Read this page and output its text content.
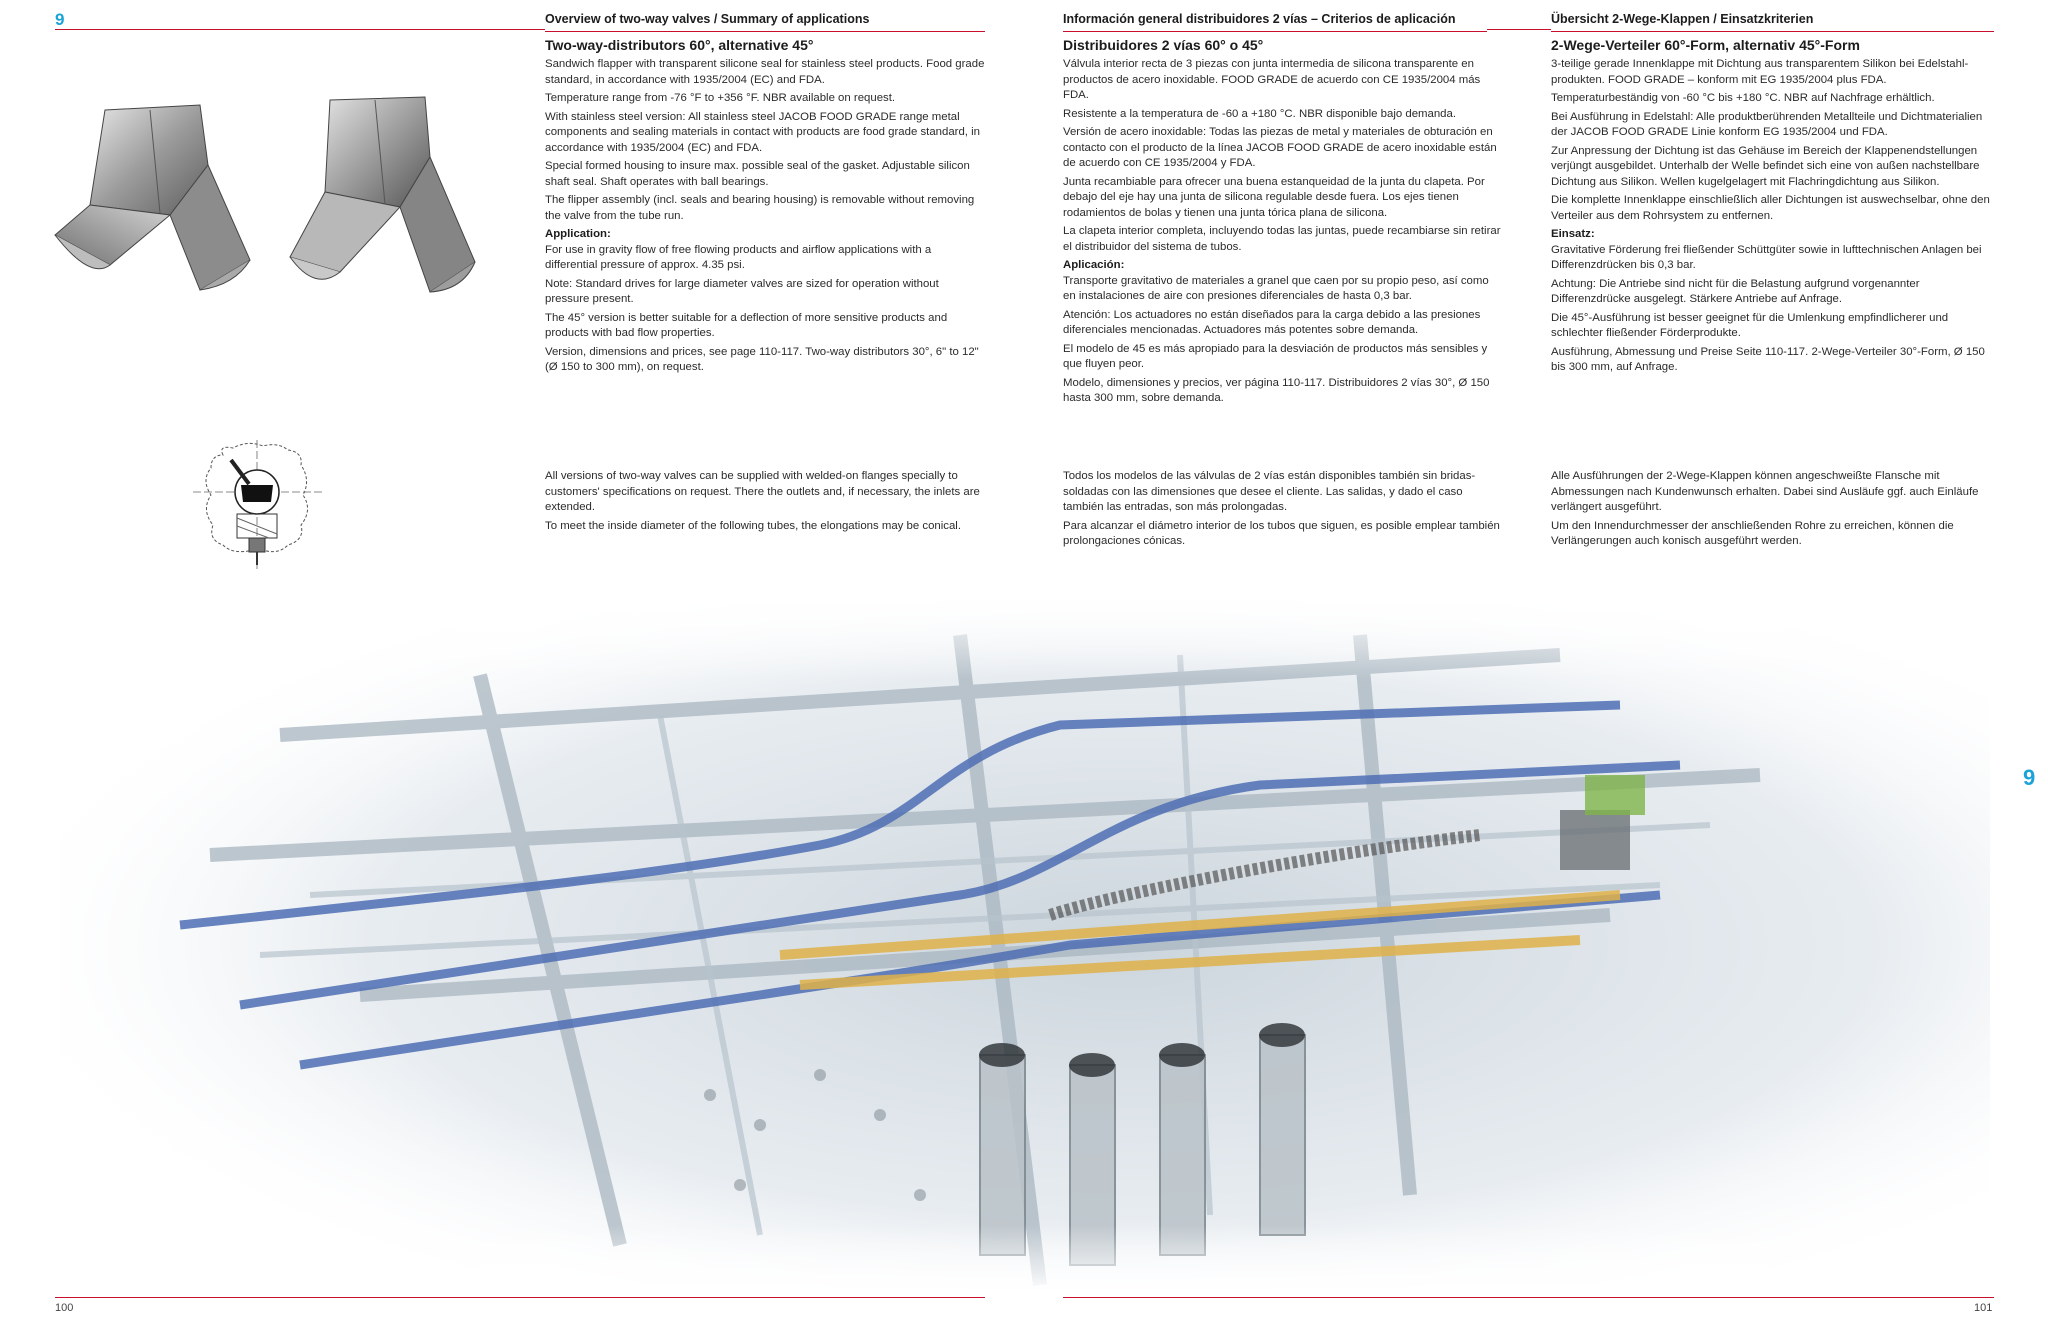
9
9
Overview of two-way valves / Summary of applications	Información general distribuidores 2 vías – Criterios de aplicación	Übersicht 2-Wege-Klappen / Einsatzkriterien
Two-way-distributors 60°, alternative 45°

Sandwich flapper with transparent silicone seal for stainless steel products. Food grade standard, in accordance with 1935/2004 (EC) and FDA.

Temperature range from -76 °F to +356 °F. NBR available on request.

With stainless steel version: All stainless steel JACOB FOOD GRADE range metal components and sealing materials in contact with products are food grade standard, in accordance with 1935/2004 (EC) and FDA.

Special formed housing to insure max. possible seal of the gasket. Adjustable silicon shaft seal. Shaft operates with ball bearings.

The flipper assembly (incl. seals and bearing housing) is removable without removing the valve from the tube run.

Application:

For use in gravity flow of free flowing products and airflow applications with a differential pressure of approx. 4.35 psi.

Note: Standard drives for large diameter valves are sized for operation without pressure present.

The 45° version is better suitable for a deflection of more sensitive products and products with bad flow properties.

Version, dimensions and prices, see page 110-117. Two-way distributors 30°, 6" to 12" (Ø 150 to 300 mm), on request.

All versions of two-way valves can be supplied with welded-on flanges specially to customers' specifications on request. There the outlets and, if necessary, the inlets are extended.

To meet the inside diameter of the following tubes, the elongations may be conical.

Distribuidores 2 vías 60° o 45°

Válvula interior recta de 3 piezas con junta intermedia de silicona transparente en productos de acero inoxidable. FOOD GRADE de acuerdo con CE 1935/2004 más FDA.

Resistente a la temperatura de -60 a +180 °C. NBR disponible bajo demanda.

Versión de acero inoxidable: Todas las piezas de metal y materiales de obturación en contacto con el producto de la línea JACOB FOOD GRADE de acero inoxidable están de acuerdo con CE 1935/2004 y FDA.

Junta recambiable para ofrecer una buena estanqueidad de la junta du clapeta. Por debajo del eje hay una junta de silicona regulable desde fuera. Los ejes tienen rodamientos de bolas y tienen una junta tórica plana de silicona.

La clapeta interior completa, incluyendo todas las juntas, puede recambiarse sin retirar el distribuidor del sistema de tubos.

Aplicación:

Transporte gravitativo de materiales a granel que caen por su propio peso, así como en instalaciones de aire con presiones diferenciales de hasta 0,3 bar.

Atención: Los actuadores no están diseñados para la carga debido a las presiones diferenciales mencionadas. Actuadores más potentes sobre demanda.

El modelo de 45 es más apropiado para la desviación de productos más sensibles y que fluyen peor.

Modelo, dimensiones y precios, ver página 110-117. Distribuidores 2 vías 30°, Ø 150 hasta 300 mm, sobre demanda.

Todos los modelos de las válvulas de 2 vías están disponibles también sin bridas-soldadas con las dimensiones que desee el cliente. Las salidas, y dado el caso también las entradas, son más prolongadas.

Para alcanzar el diámetro interior de los tubos que siguen, es posible emplear también prolongaciones cónicas.

2-Wege-Verteiler 60°-Form, alternativ 45°-Form

3-teilige gerade Innenklappe mit Dichtung aus transparentem Silikon bei Edelstahl-produkten. FOOD GRADE – konform mit EG 1935/2004 plus FDA.

Temperaturbeständig von -60 °C bis +180 °C. NBR auf Nachfrage erhältlich.

Bei Ausführung in Edelstahl: Alle produktberührenden Metallteile und Dichtmaterialien der JACOB FOOD GRADE Linie konform EG 1935/2004 und FDA.

Zur Anpressung der Dichtung ist das Gehäuse im Bereich der Klappenendstellungen verjüngt ausgebildet. Unterhalb der Welle befindet sich eine von außen nachstellbare Dichtung aus Silikon. Wellen kugelgelagert mit Flachringdichtung aus Silikon.

Die komplette Innenklappe einschließlich aller Dichtungen ist auswechselbar, ohne den Verteiler aus dem Rohrsystem zu entfernen.

Einsatz:

Gravitative Förderung frei fließender Schüttgüter sowie in lufttechnischen Anlagen bei Differenzdrücken bis 0,3 bar.

Achtung: Die Antriebe sind nicht für die Belastung aufgrund vorgenannter Differenzdrücke ausgelegt. Stärkere Antriebe auf Anfrage.

Die 45°-Ausführung ist besser geeignet für die Umlenkung empfindlicherer und schlechter fließender Förderprodukte.

Ausführung, Abmessung und Preise Seite 110-117. 2-Wege-Verteiler 30°-Form, Ø 150 bis 300 mm, auf Anfrage.

Alle Ausführungen der 2-Wege-Klappen können angeschweißte Flansche mit Abmessungen nach Kundenwunsch erhalten. Dabei sind Ausläufe ggf. auch Einläufe verlängert ausgeführt.

Um den Innendurchmesser der anschließenden Rohre zu erreichen, können die Verlängerungen auch konisch ausgeführt werden.

100	101
